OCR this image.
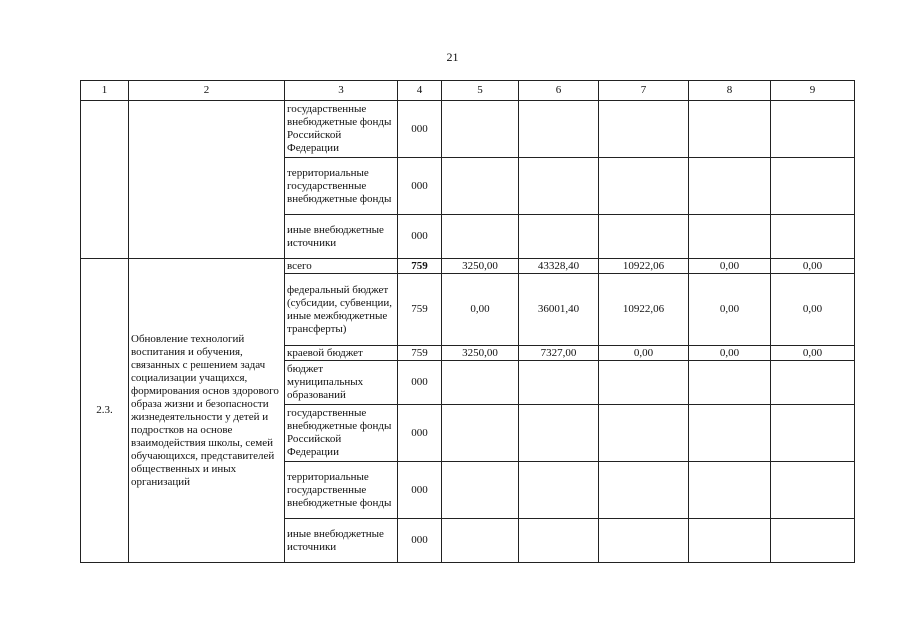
21
1	2	3	4	5	6	7	8	9
		государственные внебюджетные фонды Российской Федерации	000					
		территориальные государственные внебюджетные фонды	000					
		иные внебюджетные источники	000					
2.3.	Обновление технологий воспитания и обучения, связанных с решением задач социализации учащихся, формирования основ здорового образа жизни и безопасности жизнедеятельности у детей и подростков на основе взаимодействия школы, семей обучающихся, представителей общественных и иных организаций	всего	759	3250,00	43328,40	10922,06	0,00	0,00
		федеральный бюджет (субсидии, субвенции, иные межбюджетные трансферты)	759	0,00	36001,40	10922,06	0,00	0,00
		краевой бюджет	759	3250,00	7327,00	0,00	0,00	0,00
		бюджет муниципальных образований	000					
		государственные внебюджетные фонды Российской Федерации	000					
		территориальные государственные внебюджетные фонды	000					
		иные внебюджетные источники	000					
